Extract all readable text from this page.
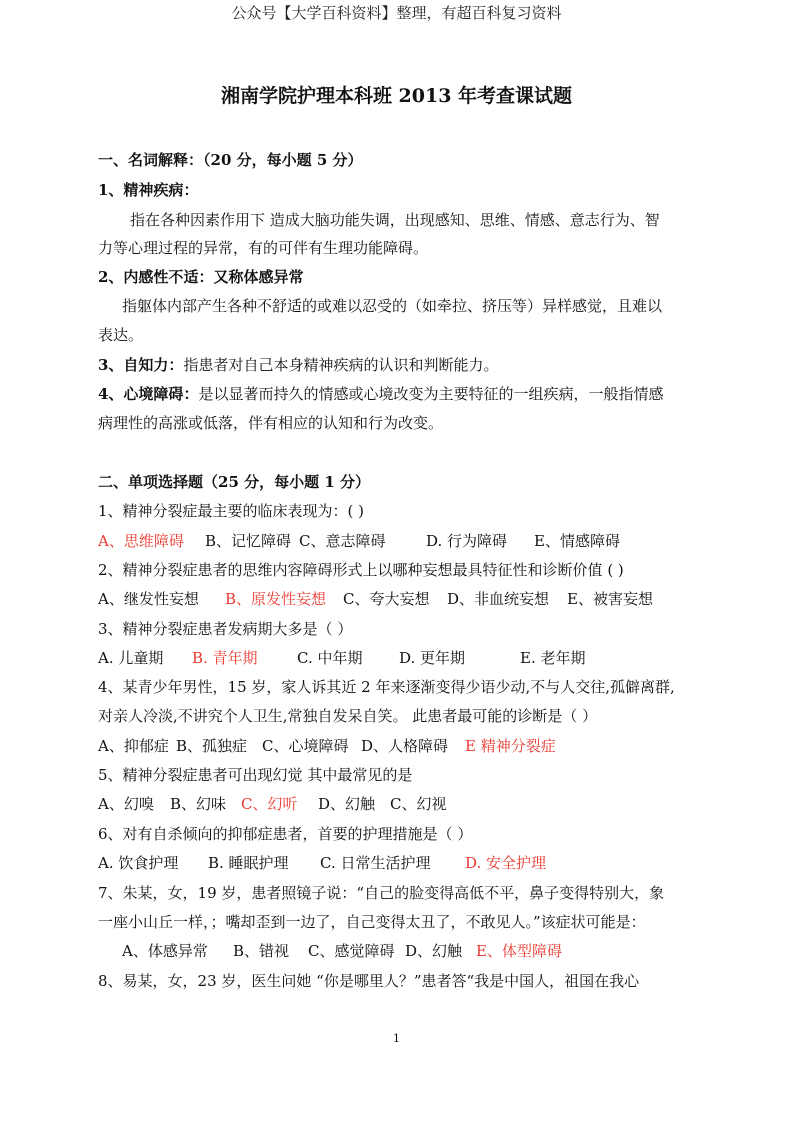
公众号【大学百科资料】整理，有超百科复习资料
湘南学院护理本科班 2013 年考查课试题
一、名词解释：（20 分，每小题 5 分）
1、精神疾病：
指在各种因素作用下 造成大脑功能失调，出现感知、思维、情感、意志行为、智
力等心理过程的异常，有的可伴有生理功能障碍。
2、内感性不适：又称体感异常
指躯体内部产生各种不舒适的或难以忍受的（如牵拉、挤压等）异样感觉，且难以
表达。
3、自知力：指患者对自己本身精神疾病的认识和判断能力。
4、心境障碍：是以显著而持久的情感或心境改变为主要特征的一组疾病，一般指情感
病理性的高涨或低落，伴有相应的认知和行为改变。
二、单项选择题（25 分，每小题 1 分）
1、精神分裂症最主要的临床表现为：( )
A、思维障碍 B、记忆障碍 C、意志障碍	D. 行为障碍 E、情感障碍
2、精神分裂症患者的思维内容障碍形式上以哪种妄想最具特征性和诊断价值 ( )
A、继发性妄想 B、原发性妄想 C、夸大妄想 D、非血统妄想 E、被害妄想
3、精神分裂症患者发病期大多是（ ）
A. 儿童期 B. 青年期	C. 中年期 D. 更年期	E. 老年期
4、某青少年男性，15 岁，家人诉其近 2 年来逐渐变得少语少动,不与人交往,孤僻离群,
对亲人冷淡,不讲究个人卫生,常独自发呆自笑。 此患者最可能的诊断是（ ）
A、抑郁症 B、孤独症 C、心境障碍 D、人格障碍 E 精神分裂症
5、精神分裂症患者可出现幻觉 其中最常见的是
A、幻嗅 B、幻味 C、幻听 D、幻触 C、幻视
6、对有自杀倾向的抑郁症患者，首要的护理措施是（ ）
A. 饮食护理 B. 睡眠护理 C. 日常生活护理 D. 安全护理
7、朱某，女，19 岁，患者照镜子说：“自己的脸变得高低不平，鼻子变得特别大，象
一座小山丘一样，；嘴却歪到一边了，自己变得太丑了，不敢见人。”该症状可能是：
A、体感异常 B、错视 C、感觉障碍 D、幻触 E、体型障碍
8、易某，女，23 岁，医生问她 “你是哪里人？”患者答“我是中国人，祖国在我心
1
